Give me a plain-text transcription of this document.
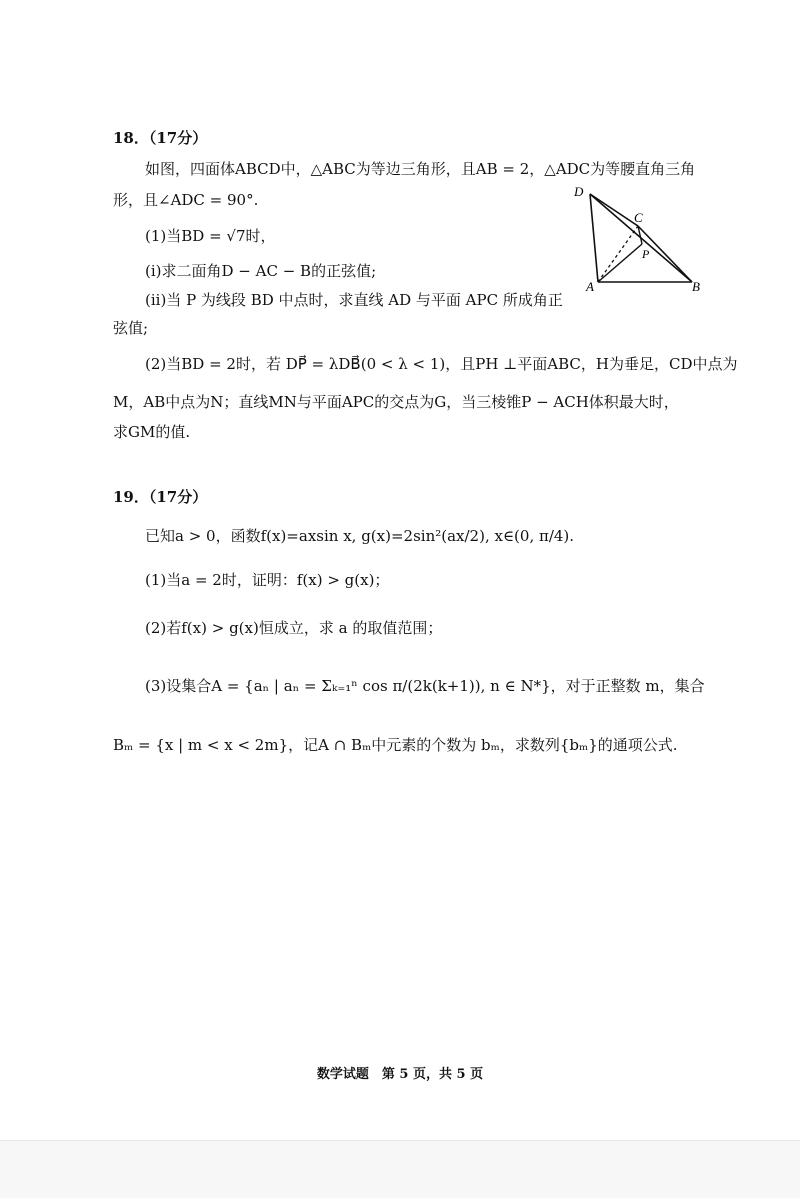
18．（17分）
如图，四面体ABCD中，△ABC为等边三角形，且AB = 2，△ADC为等腰直角三角
形，且∠ADC = 90°.
(1)当BD = √7时，
(i)求二面角D − AC − B的正弦值;
(ii)当 P 为线段 BD 中点时，求直线 AD 与平面 APC 所成角正
弦值;
(2)当BD = 2时，若 DP⃗ = λDB⃗(0 < λ < 1)，且PH ⊥平面ABC，H为垂足，CD中点为
M，AB中点为N；直线MN与平面APC的交点为G，当三棱锥P − ACH体积最大时，
求GM的值.
D
C
P
A	B
19．（17分）
已知a > 0，函数f(x)=axsin x, g(x)=2sin²(ax/2), x∈(0, π/4).
(1)当a = 2时，证明：f(x) > g(x)；
(2)若f(x) > g(x)恒成立，求 a 的取值范围；
(3)设集合A = {aₙ | aₙ = Σₖ₌₁ⁿ cos π/(2k(k+1)), n ∈ N*}，对于正整数 m，集合
Bₘ = {x | m < x < 2m}，记A ∩ Bₘ中元素的个数为 bₘ，求数列{bₘ}的通项公式.
数学试题　第 5 页，共 5 页
